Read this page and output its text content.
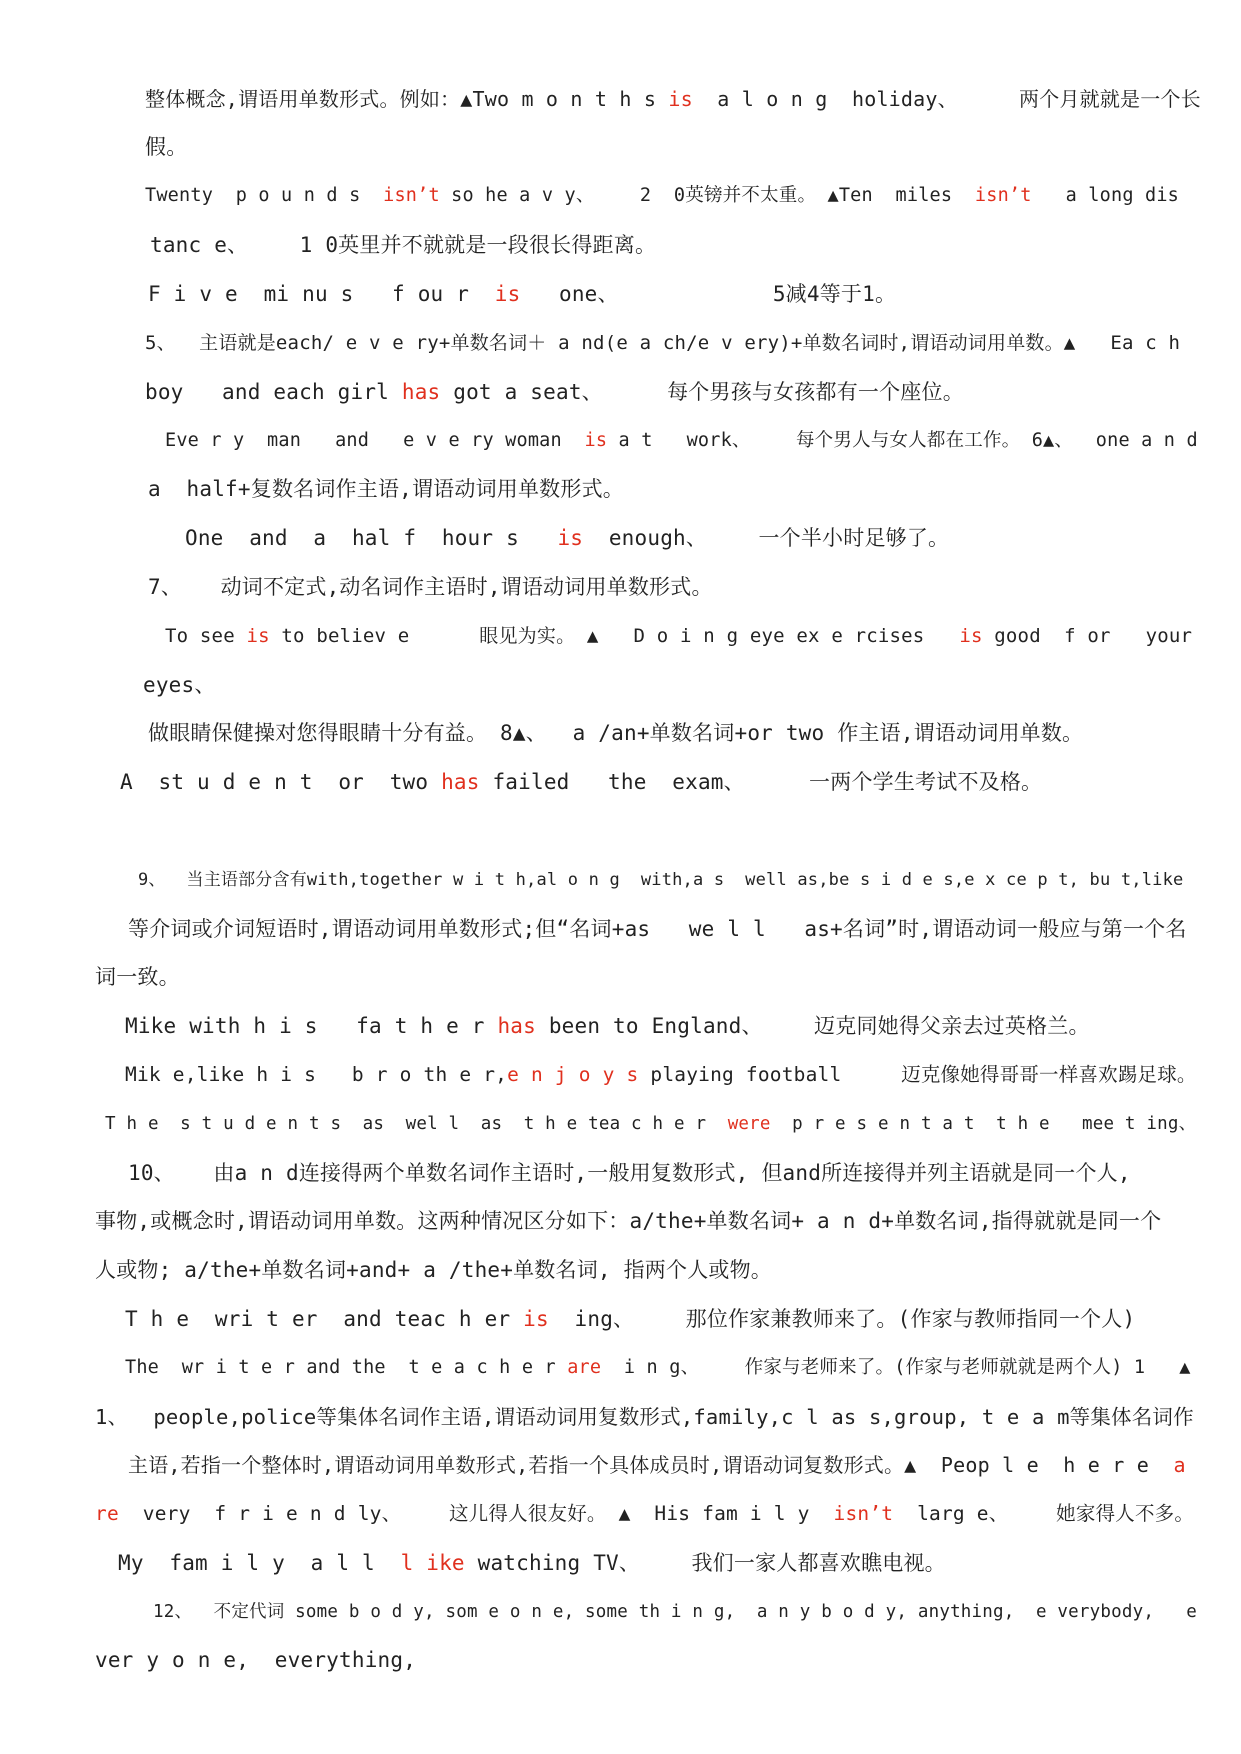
整体概念,谓语用单数形式。例如：▲Two m o n t h s is  a l o n g  holiday、     两个月就就是一个长
假。
Twenty  p o u n d s  isn’t so he a v y、    2  0英镑并不太重。 ▲Ten  miles  isn’t   a long dis
tanc e、    1 0英里并不就就是一段很长得距离。
F i v e  mi nu s   f ou r  is   one、            5减4等于1。
5、  主语就是each/ e v e ry+单数名词＋ a nd(e a ch/e v ery)+单数名词时,谓语动词用单数。▲   Ea c h
boy   and each girl has got a seat、     每个男孩与女孩都有一个座位。
Eve r y  man   and   e v e ry woman  is a t   work、    每个男人与女人都在工作。 6▲、  one a n d
a  half+复数名词作主语,谓语动词用单数形式。
One  and  a  hal f  hour s   is  enough、    一个半小时足够了。
7、   动词不定式,动名词作主语时,谓语动词用单数形式。
To see is to believ e      眼见为实。 ▲   D o i n g eye ex e rcises   is good  f or   your
eyes、
做眼睛保健操对您得眼睛十分有益。 8▲、  a /an+单数名词+or two 作主语,谓语动词用单数。
A  st u d e n t  or  two has failed   the  exam、     一两个学生考试不及格。
9、  当主语部分含有with,together w i t h,al o n g  with,a s  well as,be s i d e s,e x ce p t, bu t,like
等介词或介词短语时,谓语动词用单数形式;但“名词+as   we l l   as+名词”时,谓语动词一般应与第一个名
词一致。
Mike with h i s   fa t h e r has been to England、    迈克同她得父亲去过英格兰。
Mik e,like h i s   b r o th e r,e n j o y s playing football     迈克像她得哥哥一样喜欢踢足球。
T h e  s t u d e n t s  as  wel l  as  t h e tea c h e r  were  p r e s e n t a t  t h e   mee t ing、
10、   由a n d连接得两个单数名词作主语时,一般用复数形式, 但and所连接得并列主语就是同一个人,
事物,或概念时,谓语动词用单数。这两种情况区分如下：a/the+单数名词+ a n d+单数名词,指得就就是同一个
人或物; a/the+单数名词+and+ a /the+单数名词, 指两个人或物。
T h e  wri t er  and teac h er is  ing、    那位作家兼教师来了。(作家与教师指同一个人)
The  wr i t e r and the  t e a c h e r are  i n g、    作家与老师来了。(作家与老师就就是两个人) 1   ▲
1、  people,police等集体名词作主语,谓语动词用复数形式,family,c l as s,group, t e a m等集体名词作
主语,若指一个整体时,谓语动词用单数形式,若指一个具体成员时,谓语动词复数形式。▲  Peop l e  h e r e  a
re  very  f r i e n d ly、    这儿得人很友好。 ▲  His fam i l y  isn’t  larg e、    她家得人不多。
My  fam i l y  a l l  l ike watching TV、    我们一家人都喜欢瞧电视。
12、  不定代词 some b o d y, som e o n e, some th i n g,  a n y b o d y, anything,  e verybody,   e
ver y o n e,  everything,
